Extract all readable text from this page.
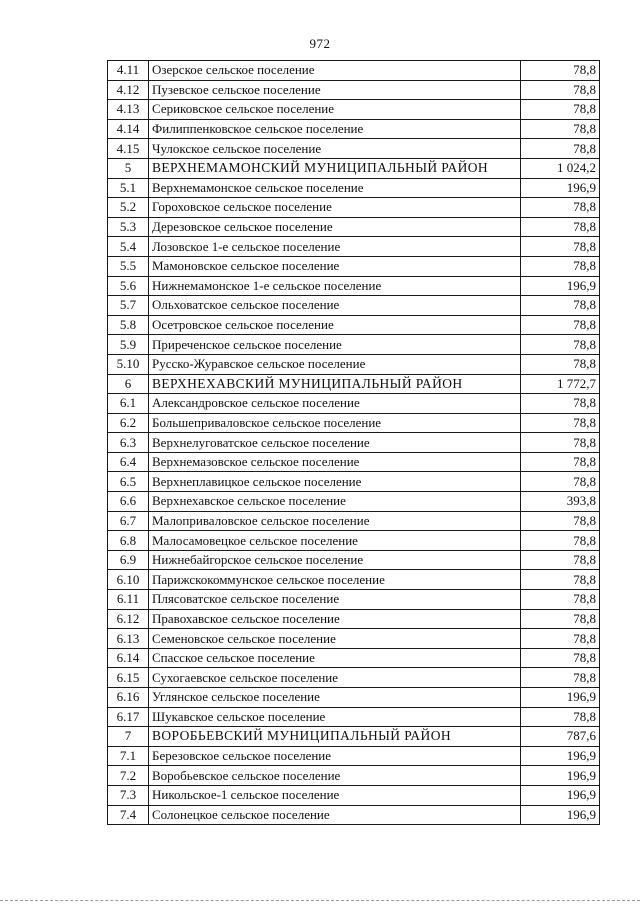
972
4.11	Озерское сельское поселение	78,8
4.12	Пузевское сельское поселение	78,8
4.13	Сериковское сельское поселение	78,8
4.14	Филиппенковское сельское поселение	78,8
4.15	Чулокское сельское поселение	78,8
5	ВЕРХНЕМАМОНСКИЙ МУНИЦИПАЛЬНЫЙ РАЙОН	1 024,2
5.1	Верхнемамонское сельское поселение	196,9
5.2	Гороховское сельское поселение	78,8
5.3	Дерезовское сельское поселение	78,8
5.4	Лозовское 1-е сельское поселение	78,8
5.5	Мамоновское сельское поселение	78,8
5.6	Нижнемамонское 1-е сельское поселение	196,9
5.7	Ольховатское сельское поселение	78,8
5.8	Осетровское сельское поселение	78,8
5.9	Приреченское сельское поселение	78,8
5.10	Русско-Журавское сельское поселение	78,8
6	ВЕРХНЕХАВСКИЙ МУНИЦИПАЛЬНЫЙ РАЙОН	1 772,7
6.1	Александровское сельское поселение	78,8
6.2	Большеприваловское сельское поселение	78,8
6.3	Верхнелуговатское сельское поселение	78,8
6.4	Верхнемазовское сельское поселение	78,8
6.5	Верхнеплавицкое сельское поселение	78,8
6.6	Верхнехавское сельское поселение	393,8
6.7	Малоприваловское сельское поселение	78,8
6.8	Малосамовецкое сельское поселение	78,8
6.9	Нижнебайгорское сельское поселение	78,8
6.10	Парижскокоммунское сельское поселение	78,8
6.11	Плясоватское сельское поселение	78,8
6.12	Правохавское сельское поселение	78,8
6.13	Семеновское сельское поселение	78,8
6.14	Спасское сельское поселение	78,8
6.15	Сухогаевское сельское поселение	78,8
6.16	Углянское сельское поселение	196,9
6.17	Шукавское сельское поселение	78,8
7	ВОРОБЬЕВСКИЙ МУНИЦИПАЛЬНЫЙ РАЙОН	787,6
7.1	Березовское сельское поселение	196,9
7.2	Воробьевское сельское поселение	196,9
7.3	Никольское-1 сельское поселение	196,9
7.4	Солонецкое сельское поселение	196,9
